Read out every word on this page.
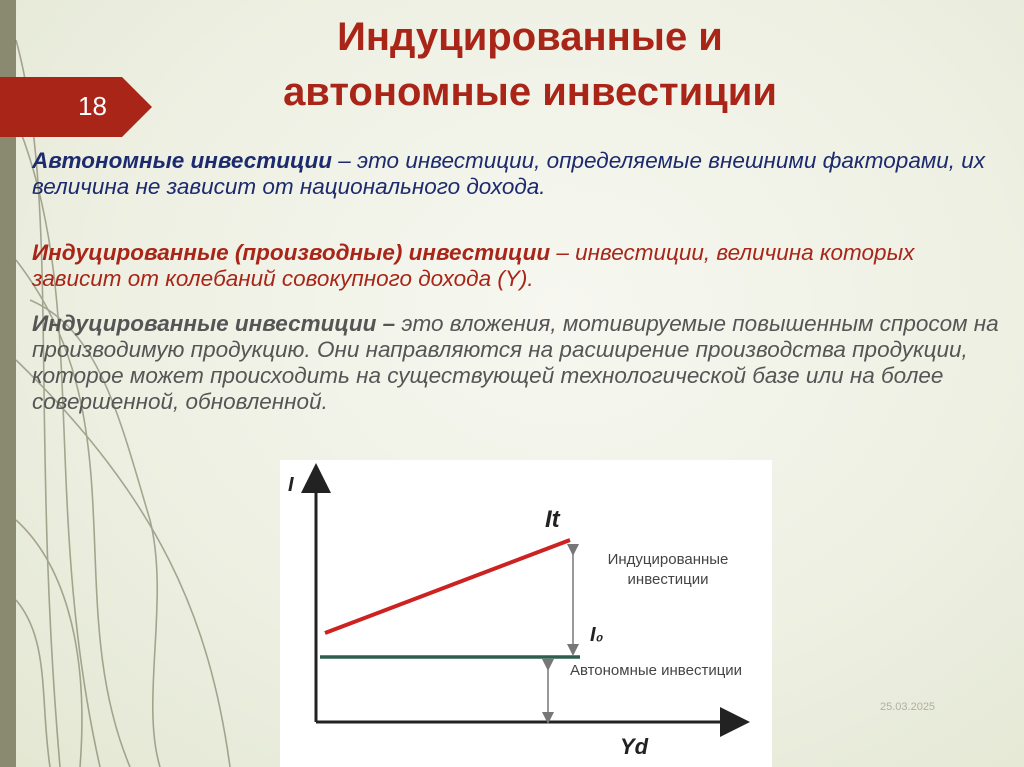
Индуцированные и
автономные инвестиции
18
Автономные инвестиции – это инвестиции, определяемые внешними факторами, их величина не зависит от национального дохода.
Индуцированные (производные) инвестиции – инвестиции, величина которых зависит от колебаний совокупного дохода (Y).
Индуцированные инвестиции – это вложения, мотивируемые повышенным спросом на производимую продукцию. Они направляются на расширение производства продукции, которое может происходить на существующей технологической базе или на более совершенной, обновленной.
I
Yd
It
I₀
Индуцированные инвестиции
Автономные инвестиции
25.03.2025
